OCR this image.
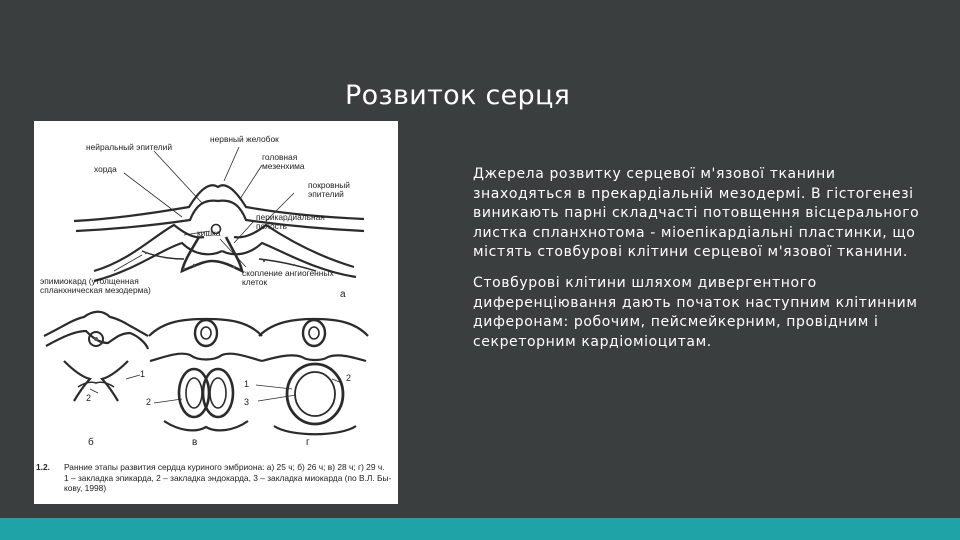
Розвиток серця
нейральный эпителий
нервный желобок
хорда
головная мезенхима
покровный эпителий
перикардиальная полость
кишка
эпимиокард (утолщенная спланхническая мезодерма)
скопление ангиогенных клеток
а
б	в	г
1
2
1
2	3
2
1.2. Ранние этапы развития сердца куриного эмбриона: а) 25 ч; б) 26 ч; в) 28 ч; г) 29 ч.
1 – закладка эпикарда, 2 – закладка эндокарда, 3 – закладка миокарда (по В.Л. Бы-
кову, 1998)

Джерела розвитку серцевої м'язової тканини знаходяться в прекардіальній мезодермі. В гістогенезі виникають парні складчасті потовщення вісцерального листка спланхнотома - міоепікардіальні пластинки, що містять стовбурові клітини серцевої м'язової тканини.

Стовбурові клітини шляхом дивергентного диференціювання дають початок наступним клітинним диферонам: робочим, пейсмейкерним, провідним і секреторним кардіоміоцитам.
